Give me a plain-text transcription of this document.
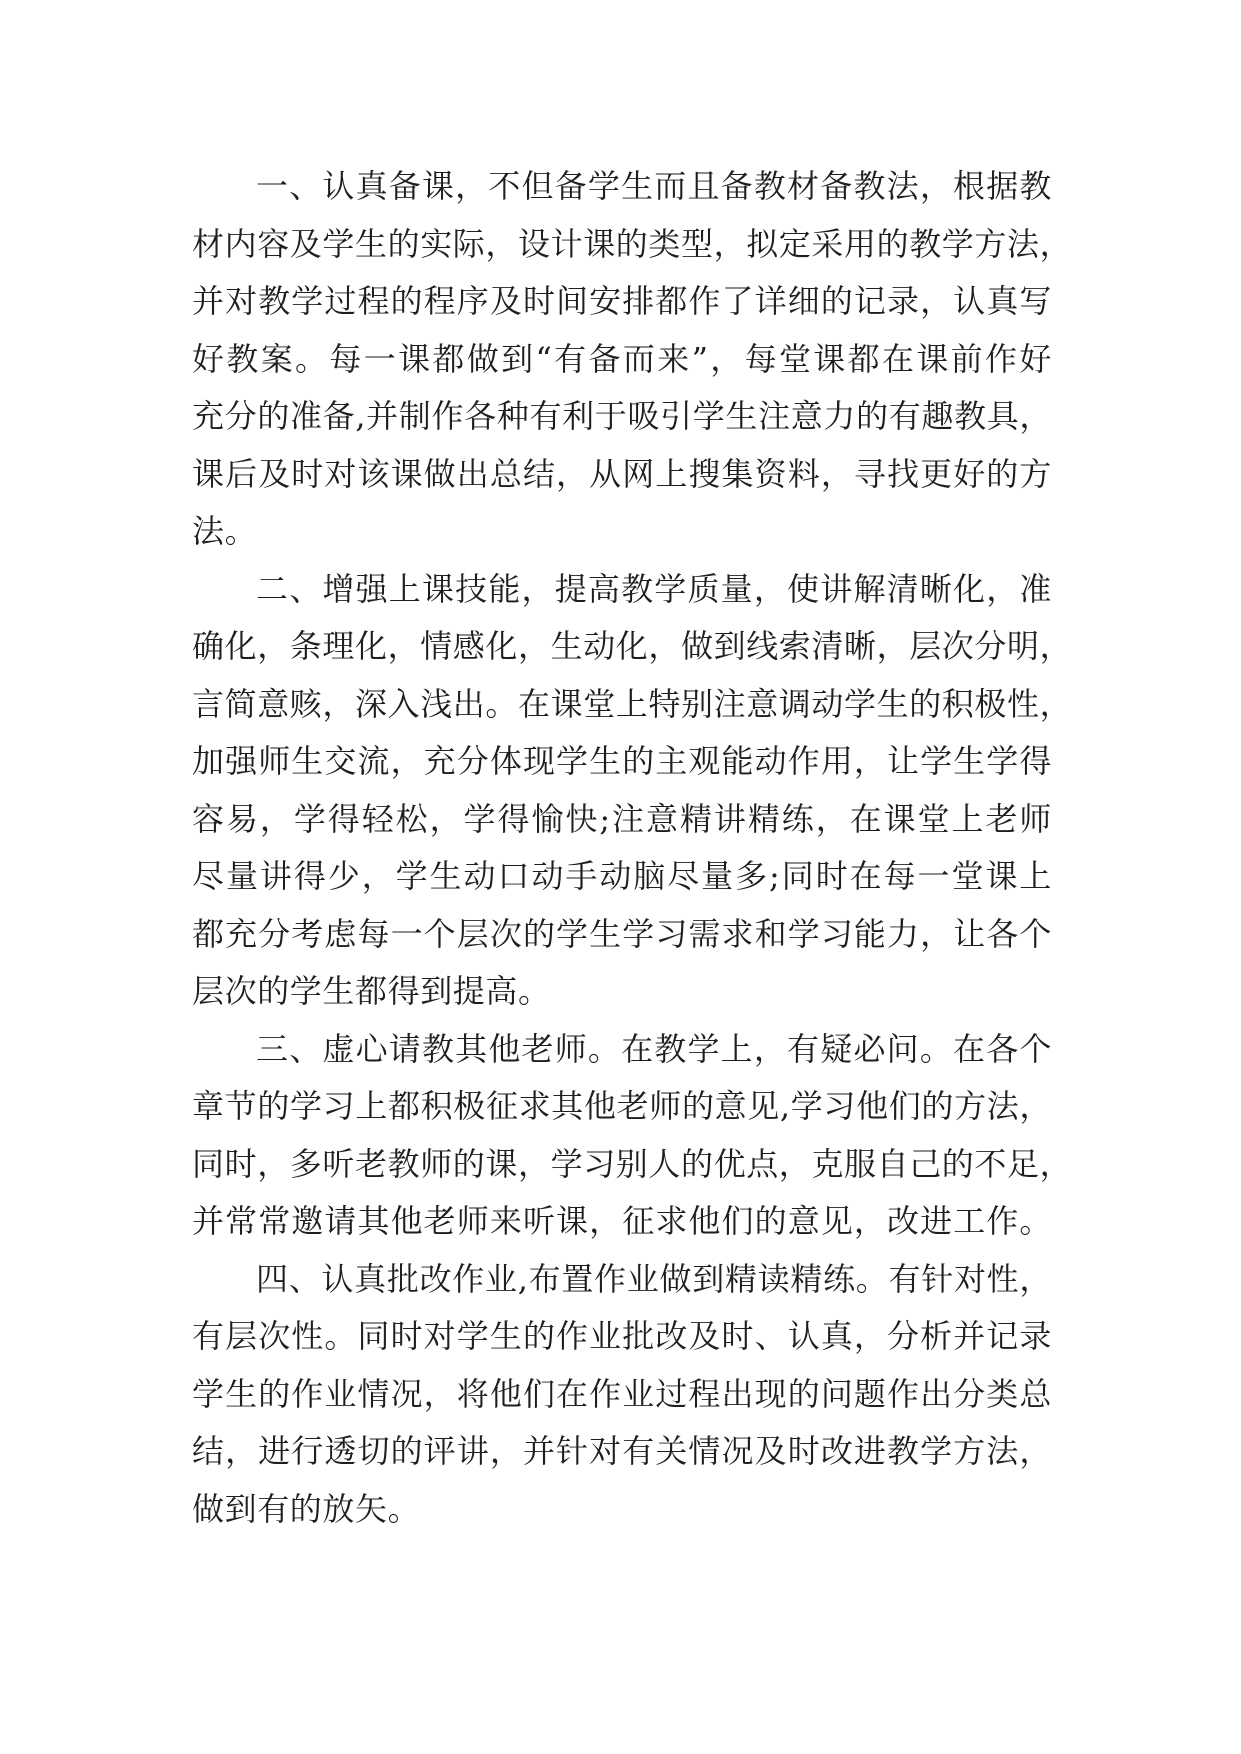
一、认真备课，不但备学生而且备教材备教法，根据教
材内容及学生的实际，设计课的类型，拟定采用的教学方法，
并对教学过程的程序及时间安排都作了详细的记录，认真写
好教案。每一课都做到“有备而来”，每堂课都在课前作好
充分的准备,并制作各种有利于吸引学生注意力的有趣教具，
课后及时对该课做出总结，从网上搜集资料，寻找更好的方
法。
二、增强上课技能，提高教学质量，使讲解清晰化，准
确化，条理化，情感化，生动化，做到线索清晰，层次分明，
言简意赅，深入浅出。在课堂上特别注意调动学生的积极性，
加强师生交流，充分体现学生的主观能动作用，让学生学得
容易，学得轻松，学得愉快;注意精讲精练，在课堂上老师
尽量讲得少，学生动口动手动脑尽量多;同时在每一堂课上
都充分考虑每一个层次的学生学习需求和学习能力，让各个
层次的学生都得到提高。
三、虚心请教其他老师。在教学上，有疑必问。在各个
章节的学习上都积极征求其他老师的意见,学习他们的方法，
同时，多听老教师的课，学习别人的优点，克服自己的不足，
并常常邀请其他老师来听课，征求他们的意见，改进工作。
四、认真批改作业,布置作业做到精读精练。有针对性，
有层次性。同时对学生的作业批改及时、认真，分析并记录
学生的作业情况，将他们在作业过程出现的问题作出分类总
结，进行透切的评讲，并针对有关情况及时改进教学方法，
做到有的放矢。
